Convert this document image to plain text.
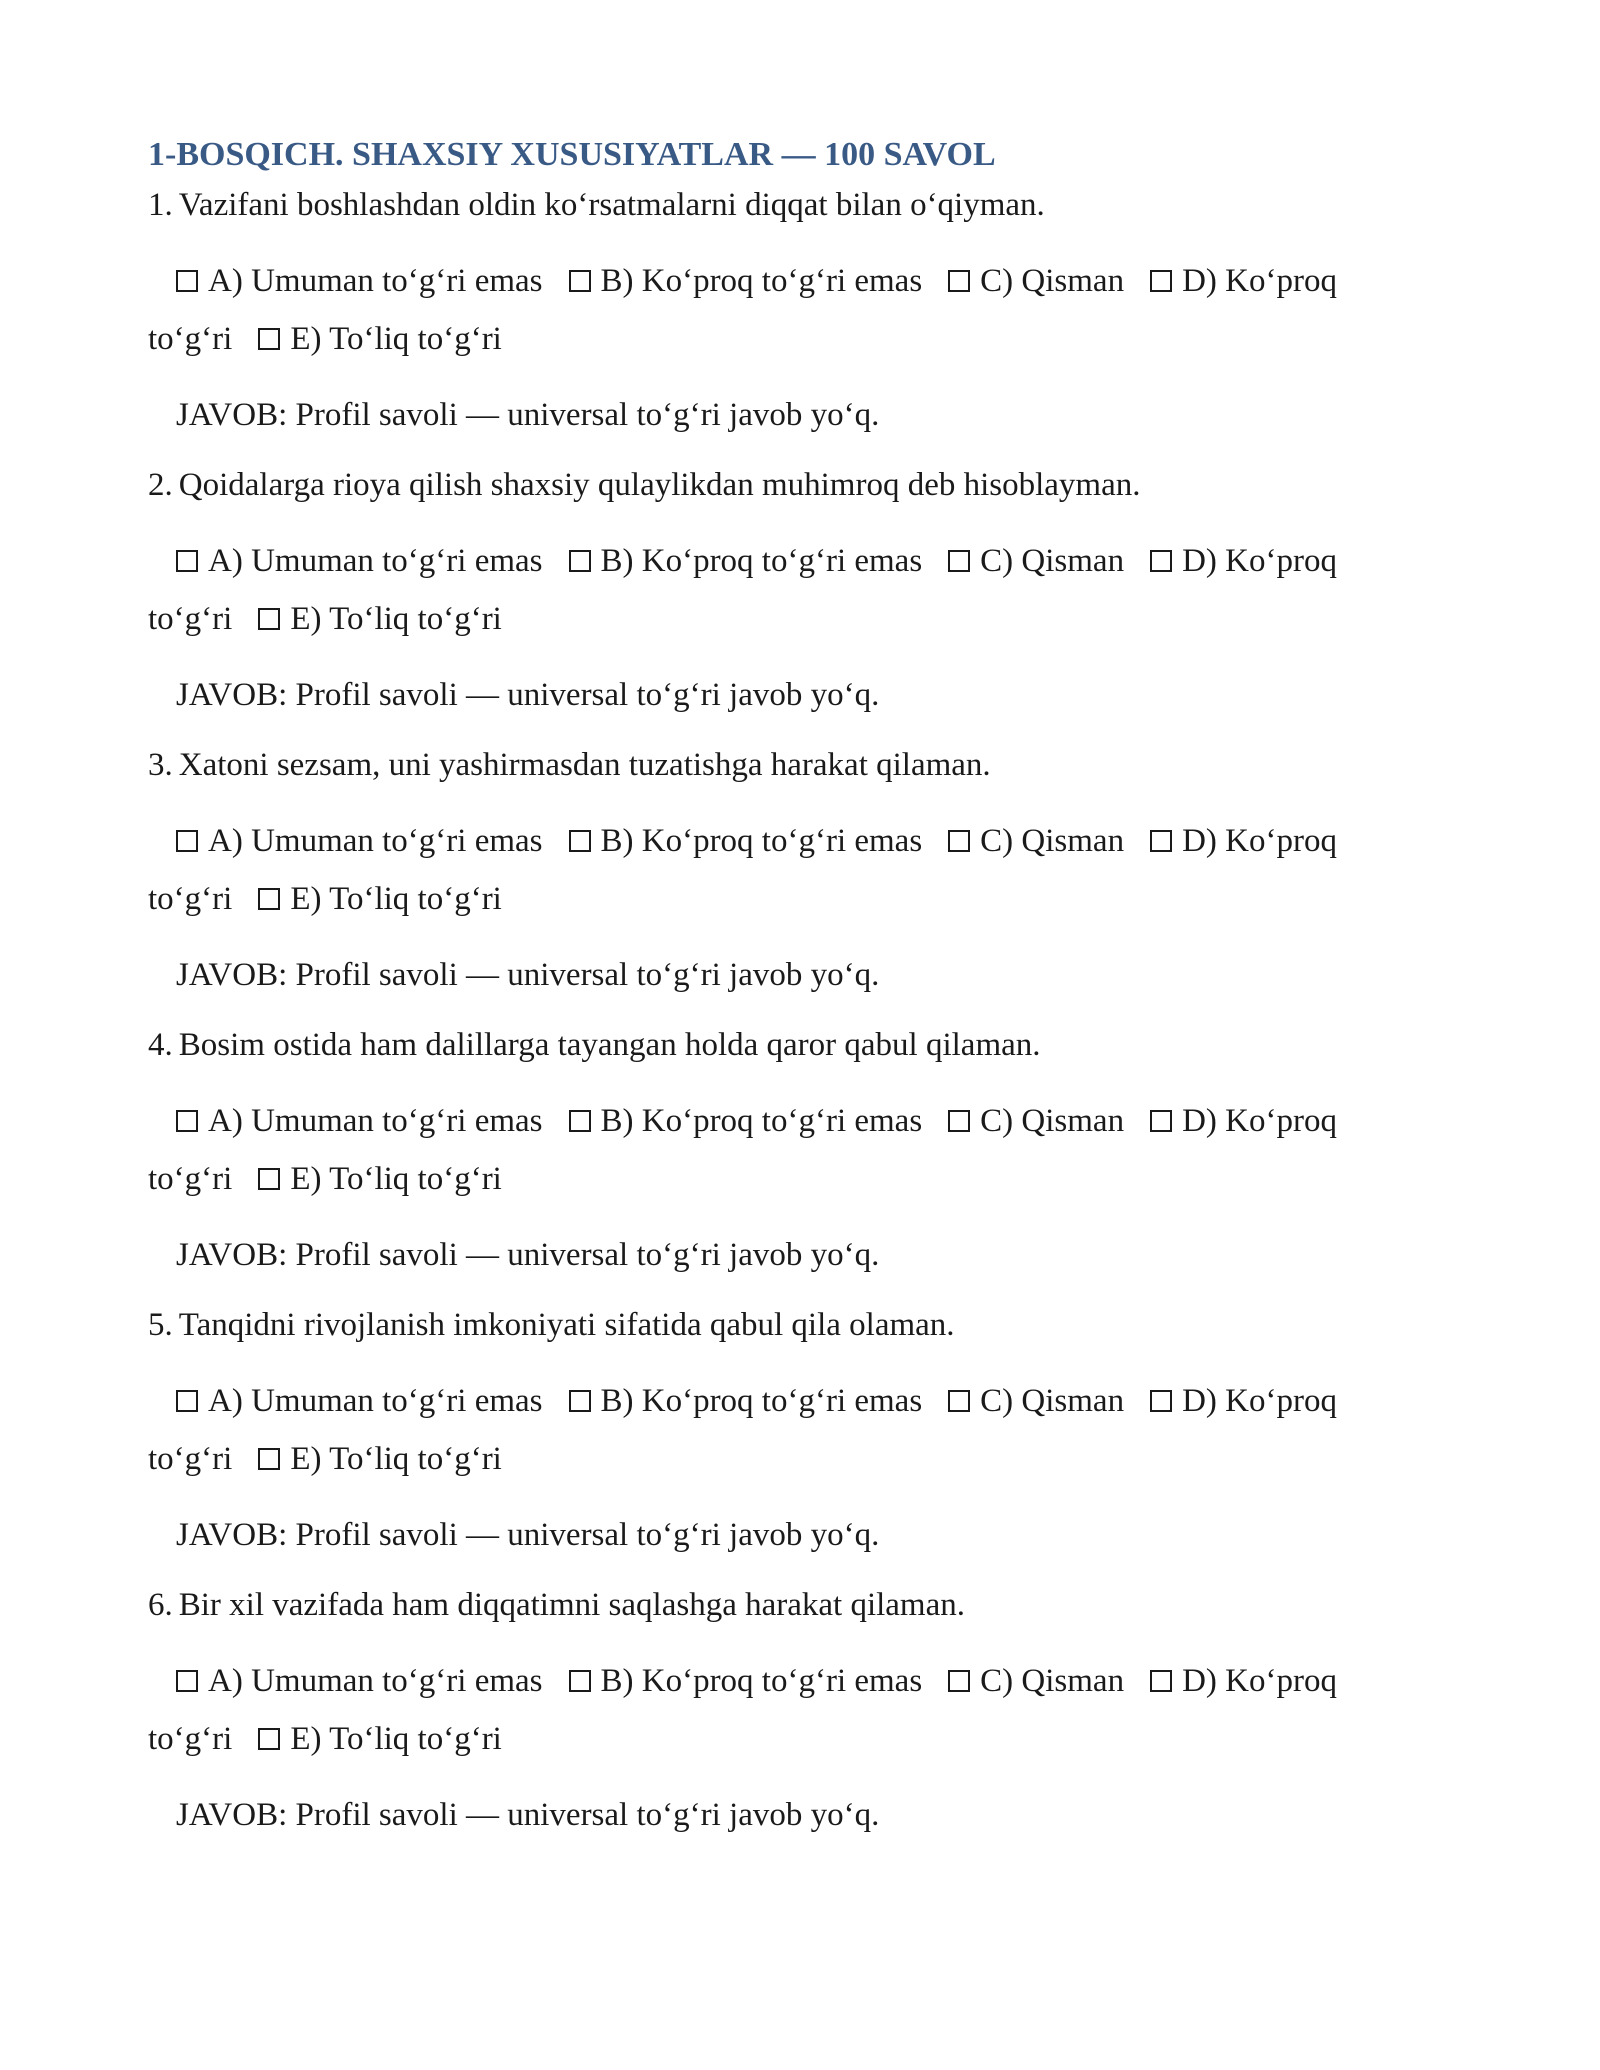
1-BOSQICH. SHAXSIY XUSUSIYATLAR — 100 SAVOL

1. Vazifani boshlashdan oldin ko‘rsatmalarni diqqat bilan o‘qiyman.

A) Umuman to‘g‘ri emas B) Ko‘proq to‘g‘ri emas C) Qisman D) Ko‘proq to‘g‘ri E) To‘liq to‘g‘ri

JAVOB: Profil savoli — universal to‘g‘ri javob yo‘q.

2. Qoidalarga rioya qilish shaxsiy qulaylikdan muhimroq deb hisoblayman.

A) Umuman to‘g‘ri emas B) Ko‘proq to‘g‘ri emas C) Qisman D) Ko‘proq to‘g‘ri E) To‘liq to‘g‘ri

JAVOB: Profil savoli — universal to‘g‘ri javob yo‘q.

3. Xatoni sezsam, uni yashirmasdan tuzatishga harakat qilaman.

A) Umuman to‘g‘ri emas B) Ko‘proq to‘g‘ri emas C) Qisman D) Ko‘proq to‘g‘ri E) To‘liq to‘g‘ri

JAVOB: Profil savoli — universal to‘g‘ri javob yo‘q.

4. Bosim ostida ham dalillarga tayangan holda qaror qabul qilaman.

A) Umuman to‘g‘ri emas B) Ko‘proq to‘g‘ri emas C) Qisman D) Ko‘proq to‘g‘ri E) To‘liq to‘g‘ri

JAVOB: Profil savoli — universal to‘g‘ri javob yo‘q.

5. Tanqidni rivojlanish imkoniyati sifatida qabul qila olaman.

A) Umuman to‘g‘ri emas B) Ko‘proq to‘g‘ri emas C) Qisman D) Ko‘proq to‘g‘ri E) To‘liq to‘g‘ri

JAVOB: Profil savoli — universal to‘g‘ri javob yo‘q.

6. Bir xil vazifada ham diqqatimni saqlashga harakat qilaman.

A) Umuman to‘g‘ri emas B) Ko‘proq to‘g‘ri emas C) Qisman D) Ko‘proq to‘g‘ri E) To‘liq to‘g‘ri

JAVOB: Profil savoli — universal to‘g‘ri javob yo‘q.
